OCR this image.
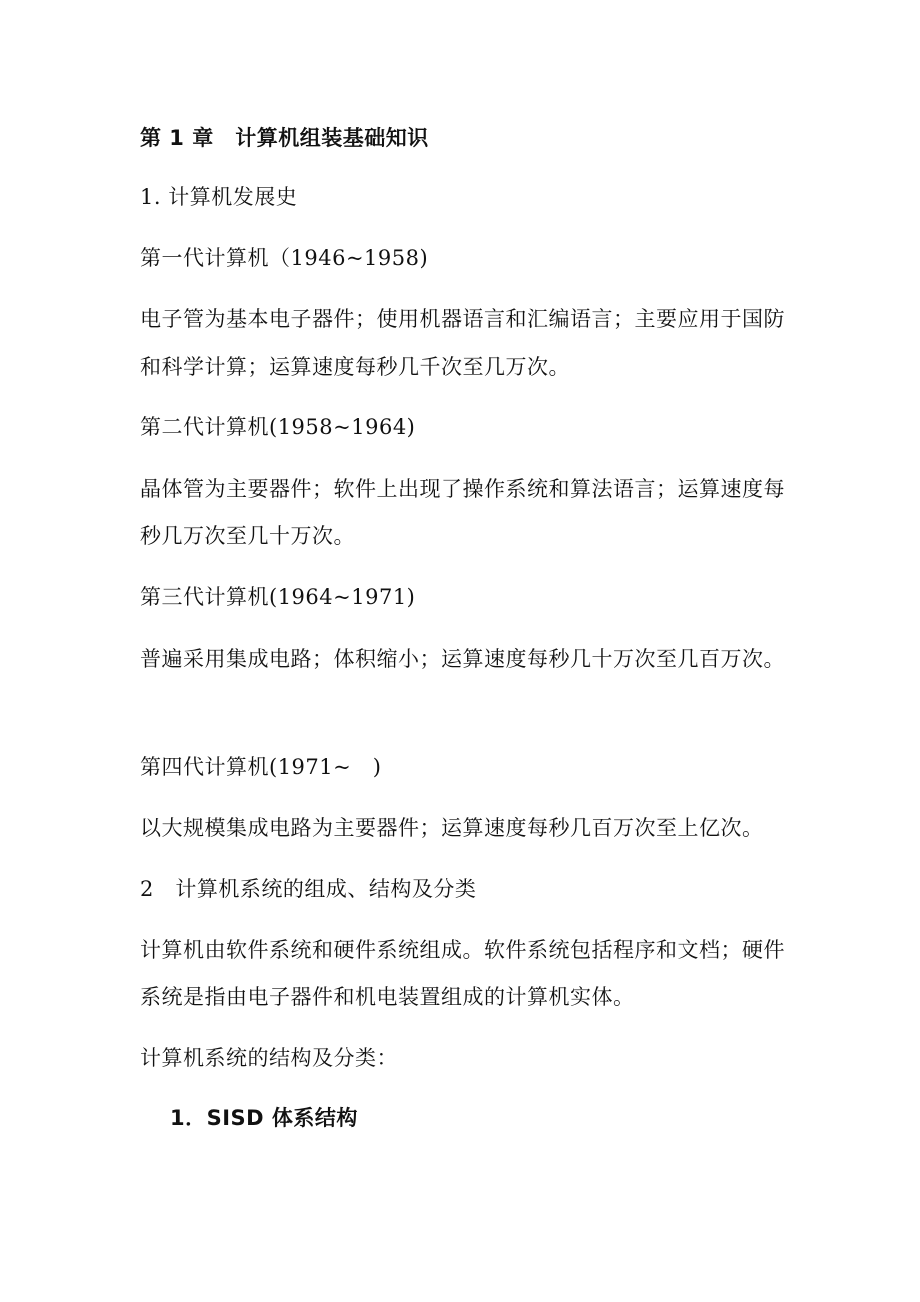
第 1 章　计算机组装基础知识
1. 计算机发展史
第一代计算机（1946~1958)
电子管为基本电子器件；使用机器语言和汇编语言；主要应用于国防
和科学计算；运算速度每秒几千次至几万次。
第二代计算机(1958~1964)
晶体管为主要器件；软件上出现了操作系统和算法语言；运算速度每
秒几万次至几十万次。
第三代计算机(1964~1971)
普遍采用集成电路；体积缩小；运算速度每秒几十万次至几百万次。
第四代计算机(1971~　)
以大规模集成电路为主要器件；运算速度每秒几百万次至上亿次。
2　计算机系统的组成、结构及分类
计算机由软件系统和硬件系统组成。软件系统包括程序和文档；硬件
系统是指由电子器件和机电装置组成的计算机实体。
计算机系统的结构及分类：
1．SISD 体系结构
